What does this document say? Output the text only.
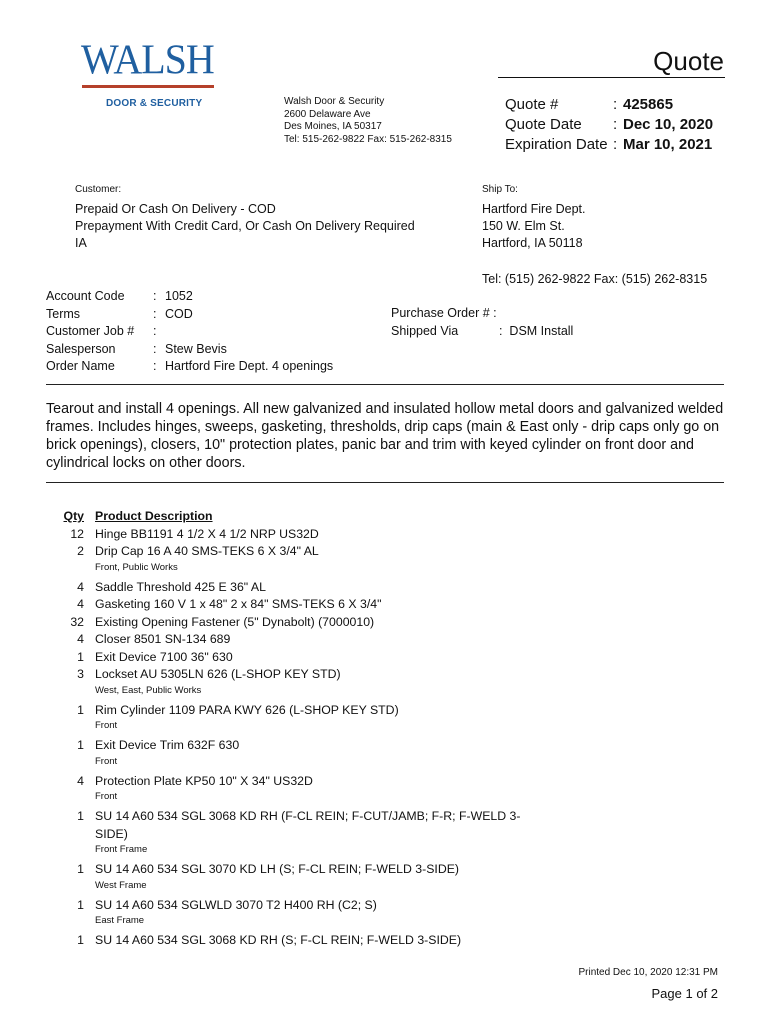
WALSH
DOOR & SECURITY
Quote
Walsh Door & Security
2600 Delaware Ave
Des Moines, IA 50317
Tel: 515-262-9822 Fax: 515-262-8315
Quote #	: 425865
Quote Date	: Dec 10, 2020
Expiration Date : Mar 10, 2021
Customer:
Prepaid Or Cash On Delivery - COD
Prepayment With Credit Card, Or Cash On Delivery Required
IA
Ship To:
Hartford Fire Dept.
150 W. Elm St.
Hartford, IA 50118
Tel: (515) 262-9822 Fax: (515) 262-8315
Account Code	: 1052
Terms	: COD
Customer Job #	:
Salesperson	: Stew Bevis
Order Name	: Hartford Fire Dept. 4 openings
Purchase Order # :
Shipped Via	: DSM Install
Tearout and install 4 openings. All new galvanized and insulated hollow metal doors and galvanized welded frames. Includes hinges, sweeps, gasketing, thresholds, drip caps (main & East only - drip caps only go on brick openings), closers, 10" protection plates, panic bar and trim with keyed cylinder on front door and cylindrical locks on other doors.
Qty Product Description
12 Hinge BB1191 4 1/2 X 4 1/2 NRP US32D
2 Drip Cap 16 A 40 SMS-TEKS 6 X 3/4" AL
Front, Public Works
4 Saddle Threshold 425 E 36" AL
4 Gasketing 160 V 1 x 48" 2 x 84" SMS-TEKS 6 X 3/4"
32 Existing Opening Fastener (5" Dynabolt) (7000010)
4 Closer 8501 SN-134 689
1 Exit Device 7100 36" 630
3 Lockset AU 5305LN 626 (L-SHOP KEY STD)
West, East, Public Works
1 Rim Cylinder 1109 PARA KWY 626 (L-SHOP KEY STD)
Front
1 Exit Device Trim 632F 630
Front
4 Protection Plate KP50 10" X 34" US32D
Front
1 SU 14 A60 534 SGL 3068 KD RH (F-CL REIN; F-CUT/JAMB; F-R; F-WELD 3-SIDE)
Front Frame
1 SU 14 A60 534 SGL 3070 KD LH (S; F-CL REIN; F-WELD 3-SIDE)
West Frame
1 SU 14 A60 534 SGLWLD 3070 T2 H400 RH (C2; S)
East Frame
1 SU 14 A60 534 SGL 3068 KD RH (S; F-CL REIN; F-WELD 3-SIDE)
Printed Dec 10, 2020 12:31 PM
Page 1 of 2
